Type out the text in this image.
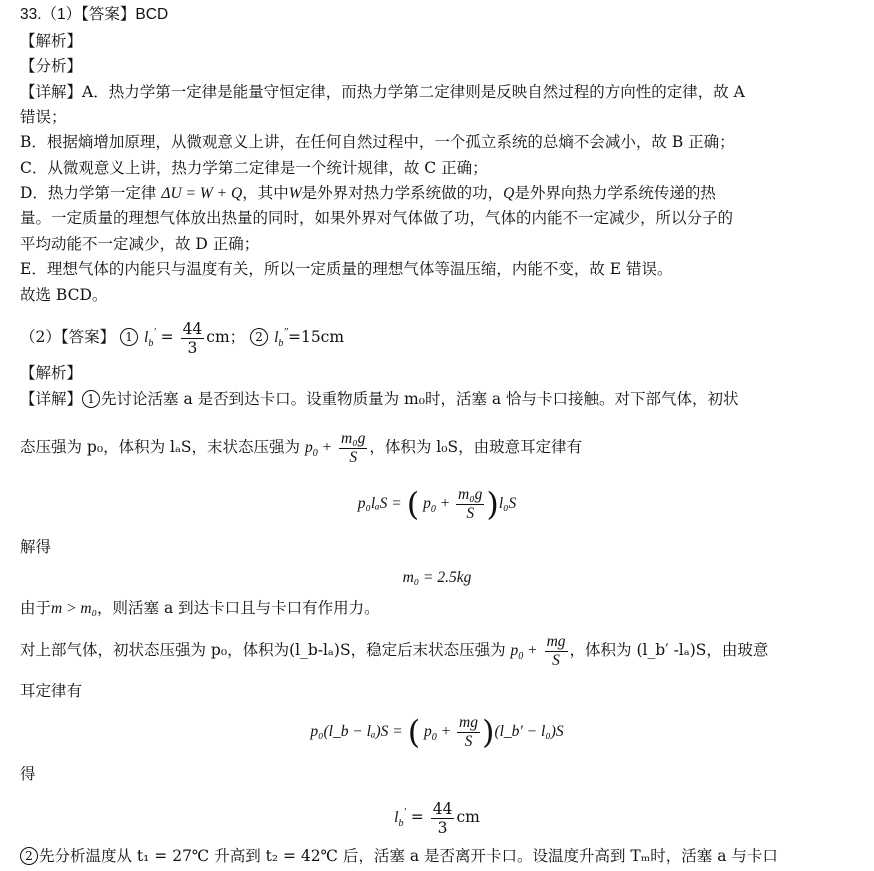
33.（1）【答案】BCD
【解析】
【分析】
【详解】A．热力学第一定律是能量守恒定律，而热力学第二定律则是反映自然过程的方向性的定律，故 A
错误；
B．根据熵增加原理，从微观意义上讲，在任何自然过程中，一个孤立系统的总熵不会减小，故 B 正确；
C．从微观意义上讲，热力学第二定律是一个统计规律，故 C 正确；
D．热力学第一定律 ΔU = W + Q，其中W是外界对热力学系统做的功，Q是外界向热力学系统传递的热
量。一定质量的理想气体放出热量的同时，如果外界对气体做了功，气体的内能不一定减少，所以分子的
平均动能不一定减少，故 D 正确；
E．理想气体的内能只与温度有关，所以一定质量的理想气体等温压缩，内能不变，故 E 错误。
故选 BCD。
（2）【答案】 1 $l_b' = \frac{44}{3}$ cm； 2 $l_b''=15cm$
【解析】
【详解】 1 先讨论活塞 a 是否到达卡口。设重物质量为 m₀时，活塞 a 恰与卡口接触。对下部气体，初状
态压强为 p₀，体积为 lₐS，末状态压强为 $p_0 + \frac{\text{m₀g}}{S}$ ，体积为 l₀S，由玻意耳定律有
p₀lₐS = ( $p_0 + \frac{\text{m₀g}}{S} )l_0S$
解得
m₀ = 2.5kg
由于m > m₀，则活塞 a 到达卡口且与卡口有作用力。
对上部气体，初状态压强为 p₀，体积为(l_b-lₐ)S，稳定后末状态压强为 $p_0 + \frac{mg}{S}$ ，体积为 (l_b′ -lₐ)S，由玻意
耳定律有
p₀(l_b − lₐ)S = ( $p_0 + \frac{mg}{S}$ )(l_b′ − l₀)S
得
$l_b' = \frac{44}{3}$ cm
2 先分析温度从 t₁ = 27℃ 升高到 t₂ = 42℃ 后，活塞 a 是否离开卡口。设温度升高到 Tₘ时，活塞 a 与卡口
